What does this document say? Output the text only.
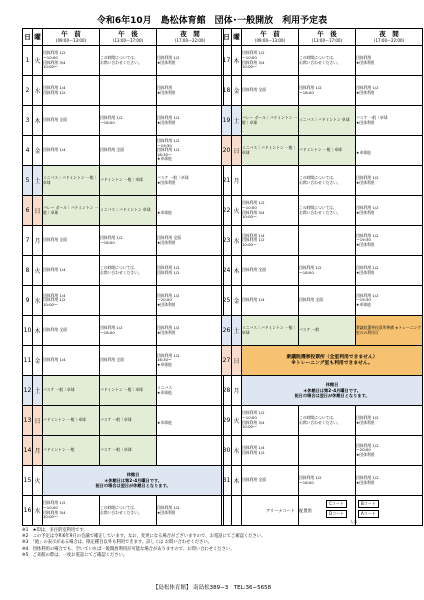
令和6年10月　島松体育館　団体･一般開放　利用予定表
日	曜	午　前
(09:00〜13:00)	午　後
(13:00〜17:00)	夜　間
(17:00〜22:00)

1	火	団体利用 1/2
〜10:00
団体利用 3/4
10:00〜	この時間については、
お問い合わせください。	団体利用 1/2
★団体利用
2	水	団体利用 1/4
団体利用 1/2		団体利用
★団体利用
3	木	団体利用 全面	団体利用 1/2
〜18:00	団体利用 1/2
★団体利用
4	金	団体利用 1/4	団体利用 全面	団体利用 1/2
〜19:30
団体利用 1/2
16:30〜
★卓球他
5	土	ミニバス｜バドミントン 一般｜卓球	バドミントン 一般｜卓球	バスケ 一般｜卓球
★団体利用
6	日	バレー ボール｜バドミントン 一般｜卓球	ミニバス｜バドミントン 卓球	★卓球他
7	月	団体利用 全面	団体利用 1/2
〜18:00	団体利用 全面
★団体利用
8	火	団体利用 1/4	この時間については、
お問い合わせください。	団体利用 1/2
団体利用 1/2
9	水	団体利用 1/4
団体利用 1/2
10:00〜		団体利用 1/2
〜20:00
★団体利用
10	木	団体利用 全面	団体利用 1/2
〜18:00	団体利用 1/2
★団体利用
11	金	団体利用 1/4	団体利用 全面	団体利用 1/2
16:30〜
★卓球他
12	土	バスケ 一般｜卓球	バドミントン 一般｜卓球	ミニバス
★卓球他
13	日	バドミントン 一般｜卓球	バスケ 一般｜卓球	★卓球他
14	月	バドミントン 一般	バスケ 一般｜卓球	
15	火	休館日
＊休館日は第2･4月曜日です。
祝日の場合は翌日が休館日となります。		

16	水	団体利用 1/2
〜10:00
団体利用 3/4
10:00〜	この時間については、
お問い合わせください。	団体利用 1/2
★団体利用
日	曜	午　前
(09:00〜13:00)	午　後
(13:00〜17:00)	夜　間
(17:00〜22:00)

17	木	団体利用 1/2
〜10:00
団体利用 3/4
10:00〜	この時間については、
お問い合わせください。	団体利用
★団体利用
18	金	団体利用 全面	団体利用 1/2
〜18:00	団体利用 1/2
★団体利用
19	土	バレー ボール｜バドミントン 一般｜卓球	ミニバス｜バドミントン 卓球	バスケ 一般｜卓球
★団体利用
20	日	ミニバス｜バドミントン 一般｜卓球	バドミントン 一般｜卓球	★卓球他
21	月		この時間については、
お問い合わせください。	団体利用 1/2
★団体利用
22	火	団体利用 1/2
〜10:00
団体利用 3/4
10:00〜	この時間については、
お問い合わせください。	団体利用 1/2
★団体利用
23	水	団体利用 1/4
団体利用 1/2
10:00〜		団体利用 1/2
〜19:30
★団体利用
24	木	団体利用 全面	団体利用 1/2
〜18:00	団体利用 1/2
★団体利用
25	金	団体利用 1/4	団体利用 全面	団体利用 1/2
〜19:30
★卓球他
26	土	ミニバス｜バドミントン 一般｜卓球	バスケ 一般	衆議院選挙投票所準備 ※トレーニング室のみ利用可
27	日	衆議院選挙投票所（全室利用できません）
※トレーニング室も利用できません。		

28	月	休館日
＊休館日は第2･4月曜日です。
祝日の場合は翌日が休館日となります。		

29	火	団体利用 1/2
〜10:00
団体利用 3/4
10:00〜	この時間については、
お問い合わせください。	団体利用 1/2
★団体利用
30	水	団体利用 1/4
団体利用 1/2		団体利用 1/2
〜20:00
★団体利用
31	木	団体利用 全面	団体利用 1/2
〜18:00	団体利用 1/2
★団体利用

アリーナコート　配置図
Cコート	Bコート
Dコート	Aコート
入口
※1　★印は、多目的室利用です。
※2　この予定は令和6年9月の会議で確定しています。なお、変更になる場合がございますので、お電話にてご確認ください。
※3　「他」の表示がある場合は、限定種目以外も利用できます。詳しくは お問い合わせください。
※4　団体利用の場合でも、空いていれば一般開放利用が可能な場合がありますので、お問い合わせください。
※5　ご来館の際は、一度お電話にてご確認ください。
【島松体育館】 南島松389−3　TEL:36−5658
